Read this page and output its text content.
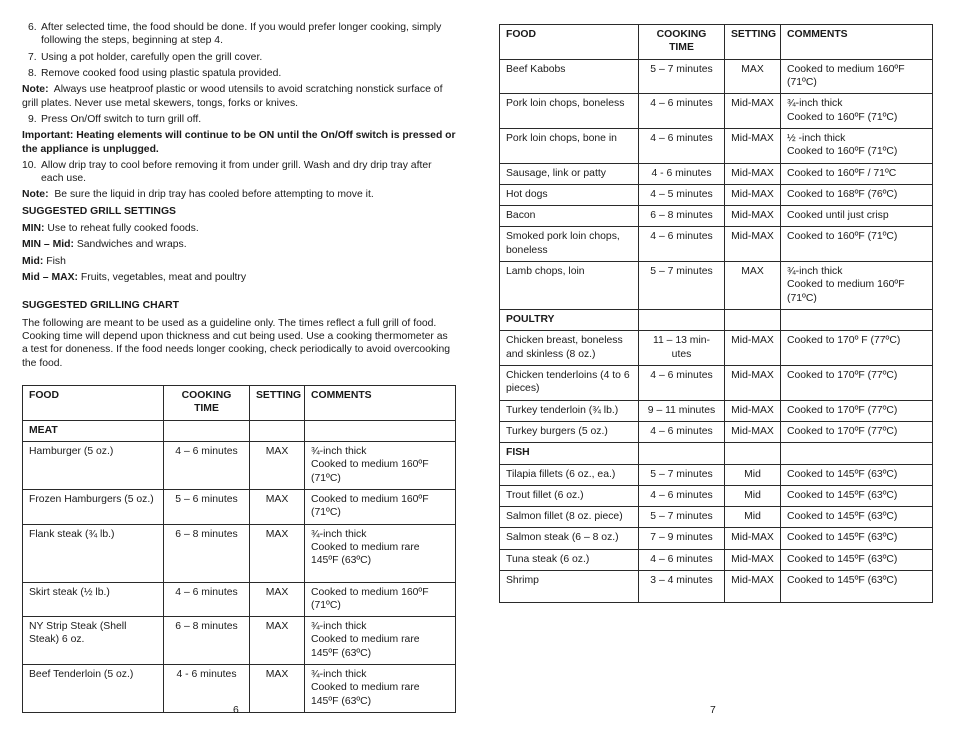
6. After selected time, the food should be done. If you would prefer longer cooking, simply following the steps, beginning at step 4.
7. Using a pot holder, carefully open the grill cover.
8. Remove cooked food using plastic spatula provided.
Note: Always use heatproof plastic or wood utensils to avoid scratching nonstick surface of grill plates. Never use metal skewers, tongs, forks or knives.
9. Press On/Off switch to turn grill off.
Important: Heating elements will continue to be ON until the On/Off switch is pressed or the appliance is unplugged.
10. Allow drip tray to cool before removing it from under grill. Wash and dry drip tray after each use.
Note: Be sure the liquid in drip tray has cooled before attempting to move it.
SUGGESTED GRILL SETTINGS
MIN: Use to reheat fully cooked foods.
MIN – Mid: Sandwiches and wraps.
Mid: Fish
Mid – MAX: Fruits, vegetables, meat and poultry
SUGGESTED GRILLING CHART
The following are meant to be used as a guideline only. The times reflect a full grill of food. Cooking time will depend upon thickness and cut being used. Use a cooking thermometer as a test for doneness. If the food needs longer cooking, check periodically to avoid overcooking the food.
FOOD	COOKING TIME	SETTING	COMMENTS
MEAT			
Hamburger (5 oz.)	4 – 6 minutes	MAX	¾-inch thick
Cooked to medium 160ºF (71ºC)

Frozen Hamburgers (5 oz.)	5 – 6 minutes	MAX	Cooked to medium 160ºF (71ºC)

Flank steak (¾ lb.)	6 – 8 minutes	MAX	¾-inch thick
Cooked to medium rare 145ºF (63ºC)

Skirt steak (½ lb.)	4 – 6 minutes	MAX	Cooked to medium 160ºF (71ºC)

NY Strip Steak (Shell Steak) 6 oz.	6 – 8 minutes	MAX	¾-inch thick
Cooked to medium rare 145ºF (63ºC)

Beef Tenderloin (5 oz.)	4 - 6 minutes	MAX	¾-inch thick
Cooked to medium rare 145ºF (63ºC)
6
FOOD	COOKING TIME	SETTING	COMMENTS
Beef Kabobs	5 – 7 minutes	MAX	Cooked to medium 160ºF (71ºC)

Pork loin chops, boneless	4 – 6 minutes	Mid-MAX	¾-inch thick
Cooked to 160ºF (71ºC)

Pork loin chops, bone in	4 – 6 minutes	Mid-MAX	½ -inch thick
Cooked to 160ºF (71ºC)

Sausage, link or patty	4 - 6 minutes	Mid-MAX	Cooked to 160ºF / 71ºC

Hot dogs	4 – 5 minutes	Mid-MAX	Cooked to 168ºF (76ºC)

Bacon	6 – 8 minutes	Mid-MAX	Cooked until just crisp

Smoked pork loin chops, boneless	4 – 6 minutes	Mid-MAX	Cooked to 160ºF (71ºC)

Lamb chops, loin	5 – 7 minutes	MAX	¾-inch thick
Cooked to medium 160ºF (71ºC)

POULTRY			
Chicken breast, boneless and skinless (8 oz.)	11 – 13 min-utes	Mid-MAX	Cooked to 170º F (77ºC)

Chicken tenderloins (4 to 6 pieces)	4 – 6 minutes	Mid-MAX	Cooked to 170ºF (77ºC)

Turkey tenderloin (¾ lb.)	9 – 11 minutes	Mid-MAX	Cooked to 170ºF (77ºC)

Turkey burgers (5 oz.)	4 – 6 minutes	Mid-MAX	Cooked to 170ºF (77ºC)

FISH			
Tilapia fillets (6 oz., ea.)	5 – 7 minutes	Mid	Cooked to 145ºF (63ºC)

Trout fillet (6 oz.)	4 – 6 minutes	Mid	Cooked to 145ºF (63ºC)

Salmon fillet (8 oz. piece)	5 – 7 minutes	Mid	Cooked to 145ºF (63ºC)

Salmon steak (6 – 8 oz.)	7 – 9 minutes	Mid-MAX	Cooked to 145ºF (63ºC)

Tuna steak (6 oz.)	4 – 6 minutes	Mid-MAX	Cooked to 145ºF (63ºC)

Shrimp	3 – 4 minutes	Mid-MAX	Cooked to 145ºF (63ºC)
7
